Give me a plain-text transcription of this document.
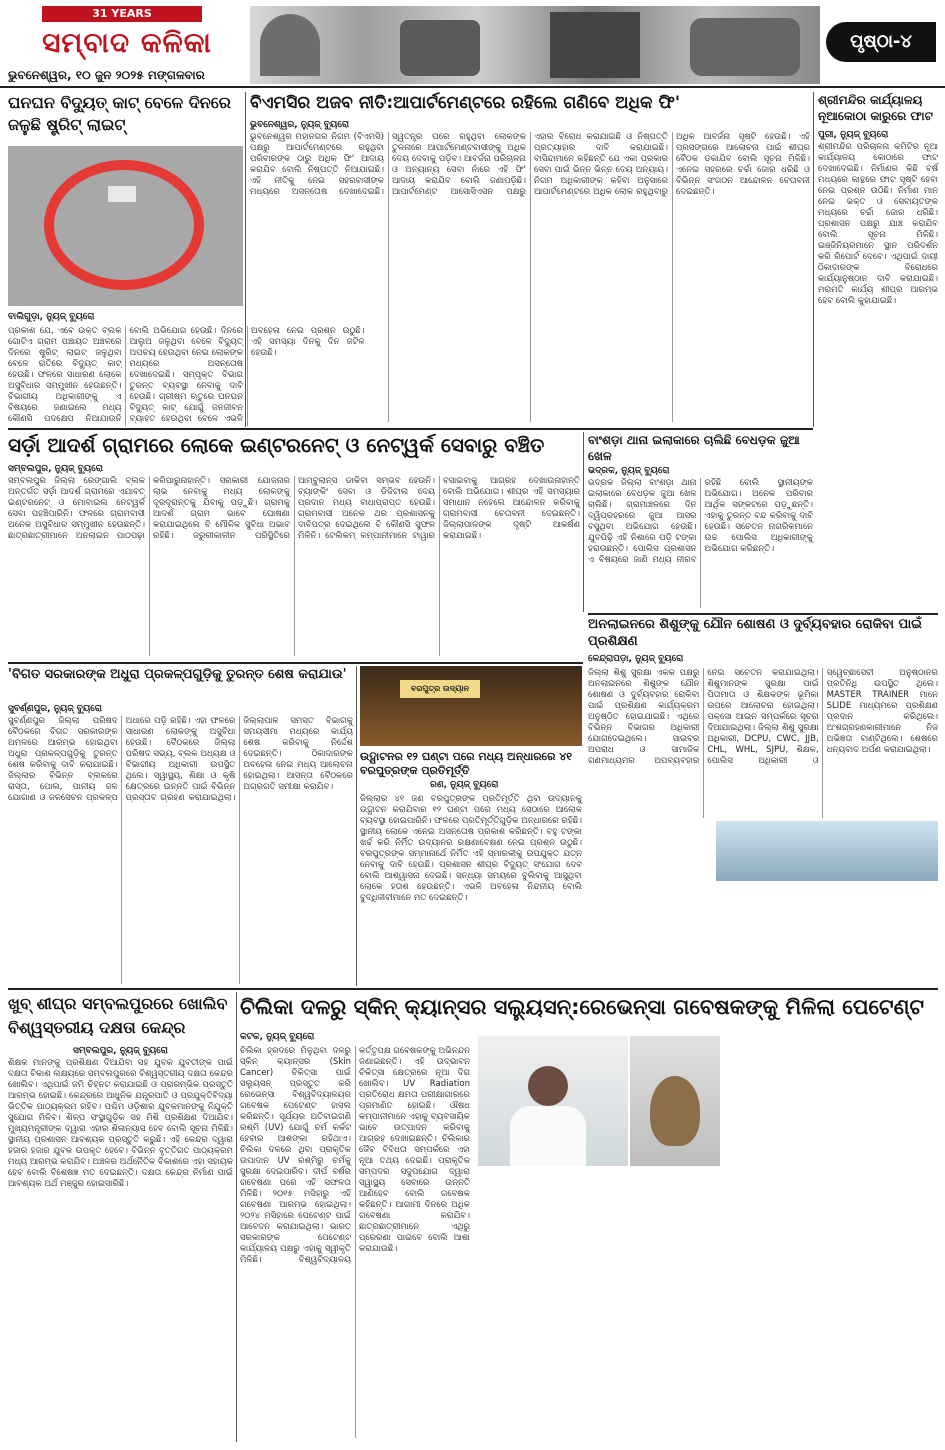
31 YEARS
ସମ୍ବାଦ କଳିକା
ଭୁବନେଶ୍ୱର, ୧୦ ଜୁନ ୨୦୨୫ ମଙ୍ଗଳବାର
ପୃଷ୍ଠା-୪
ଘନଘନ ବିଦ୍ୟୁତ୍ କାଟ୍ ବେଳେ ଦିନରେ ଜଳୁଛି ଷ୍ଟ୍ରିଟ୍ ଲାଇଟ୍
ବାଲିଗୁଡ଼ା, ନ୍ୟୁଜ୍ ବ୍ୟୁରୋ
ପ୍ରକାଶ ଯେ, ଏବେ ଉକ୍ତ ବ୍ଲକ ଗୋଟିଏ ଗ୍ରାମ ପଞ୍ଚାୟତ ଅଞ୍ଚଳରେ ଦିନରେ ଷ୍ଟ୍ରିଟ୍ ଲାଇଟ୍ ଜଳୁଥିବା ବେଳେ ରାତିରେ ବିଦ୍ୟୁତ୍ କାଟ୍ ହେଉଛି। ଫଳରେ ସାଧାରଣ ଲୋକେ ଅସୁବିଧାର ସମ୍ମୁଖୀନ ହେଉଛନ୍ତି। ବିଭାଗୀୟ ଅଧିକାରୀଙ୍କୁ ଏ ବିଷୟରେ ଜଣାଇଲେ ମଧ୍ୟ କୌଣସି ପଦକ୍ଷେପ ନିଆଯାଉନି ବୋଲି ଅଭିଯୋଗ ହେଉଛି। ଦିନରେ ଆଲୁଅ ଜଳୁଥିବା ବେଳେ ବିଦ୍ୟୁତ୍ ଅପଚୟ ହେଉଥିବା ନେଇ ଲୋକଙ୍କ ମଧ୍ୟରେ ଅସନ୍ତୋଷ ଦେଖାଦେଇଛି। ସମ୍ପୃକ୍ତ ବିଭାଗ ତୁରନ୍ତ ବ୍ୟବସ୍ଥା ନେବାକୁ ଦାବି ହେଉଛି। ଗ୍ରୀଷ୍ମ ଋତୁରେ ଘନଘନ ବିଦ୍ୟୁତ୍ କାଟ୍ ଯୋଗୁଁ ଜନଜୀବନ ବ୍ୟାହତ ହେଉଥିବା ବେଳେ ଏଭଳି ଅବହେଳା ନେଇ ପ୍ରଶ୍ନ ଉଠୁଛି। ଏହି ସମସ୍ୟା ଦିନକୁ ଦିନ ଜଟିଳ ହେଉଛି।
ବିଏମସିର ଅଜବ ନୀତି:ଆପାର୍ଟମେଣ୍ଟରେ ରହିଲେ ଗଣିବେ ଅଧିକ ଫି'
ଭୁବନେଶ୍ୱର, ନ୍ୟୁଜ୍ ବ୍ୟୁରୋ
ଭୁବନେଶ୍ୱର ମହାନଗର ନିଗମ (ବିଏମସି) ପକ୍ଷରୁ ଆପାର୍ଟମେଣ୍ଟରେ ରହୁଥିବା ପରିବାରଙ୍କ ଠାରୁ ଅଧିକ ଫି' ଆଦାୟ କରାଯିବ ବୋଲି ନିଷ୍ପତ୍ତି ନିଆଯାଇଛି। ଏହି ନୀତିକୁ ନେଇ ସହରବାସୀଙ୍କ ମଧ୍ୟରେ ଅସନ୍ତୋଷ ଦେଖାଦେଇଛି। ସ୍ୱତନ୍ତ୍ର ଘରେ ରହୁଥିବା ଲୋକଙ୍କ ତୁଳନାରେ ଆପାର୍ଟମେଣ୍ଟବାସୀଙ୍କୁ ଅଧିକ ଦେୟ ଦେବାକୁ ପଡ଼ିବ। ଆବର୍ଜନା ପରିଚାଳନା ଓ ଅନ୍ୟାନ୍ୟ ସେବା ନାଁରେ ଏହି ଫି' ଆଦାୟ କରାଯିବ ବୋଲି ଜଣାପଡ଼ିଛି। ଆପାର୍ଟମେଣ୍ଟ ଆସୋସିଏସନ ପକ୍ଷରୁ ଏହାର ବିରୋଧ କରାଯାଇଛି ଓ ନିଷ୍ପତ୍ତି ପ୍ରତ୍ୟାହାର ଦାବି କରାଯାଇଛି। ବାସିନ୍ଦାମାନେ କହିଛନ୍ତି ଯେ ଏକା ପ୍ରକାର ସେବା ପାଇଁ ଭିନ୍ନ ଭିନ୍ନ ଦେୟ ଅନ୍ୟାୟ। ନିଗମ ଅଧିକାରୀଙ୍କ କହିବା ଅନୁସାରେ ଆପାର୍ଟମେଣ୍ଟରେ ଅଧିକ ଲୋକ ରହୁଥିବାରୁ ଅଧିକ ଆବର୍ଜନା ସୃଷ୍ଟି ହେଉଛି। ଏହି ପ୍ରସଙ୍ଗରେ ଆଲୋଚନା ପାଇଁ ଶୀଘ୍ର ବୈଠକ ଡକାଯିବ ବୋଲି ସୂଚନା ମିଳିଛି। ଏନେଇ ସହରରେ ଚର୍ଚ୍ଚା ଜୋର ଧରିଛି ଓ ବିଭିନ୍ନ ସଂଗଠନ ଆନ୍ଦୋଳନ ଚେତାବନୀ ଦେଇଛନ୍ତି।
ଶ୍ରୀମନ୍ଦିର କାର୍ଯ୍ୟାଳୟ ନୂଆକୋଠା କାରୁରେ ଫାଟ
ପୁରୀ, ନ୍ୟୁଜ୍ ବ୍ୟୁରୋ
ଶ୍ରୀମନ୍ଦିର ପରିଚାଳନା କମିଟିର ନୂଆ କାର୍ଯ୍ୟାଳୟ କୋଠାରେ ଫାଟ ଦେଖାଦେଇଛି। ନିର୍ମାଣର କିଛି ବର୍ଷ ମଧ୍ୟରେ କାନ୍ଥରେ ଫାଟ ସୃଷ୍ଟି ହେବା ନେଇ ପ୍ରଶ୍ନ ଉଠିଛି। ନିର୍ମାଣ ମାନ ନେଇ ଭକ୍ତ ଓ ସେବାୟତଙ୍କ ମଧ୍ୟରେ ଚର୍ଚ୍ଚା ଜୋର ଧରିଛି। ପ୍ରଶାସନ ପକ୍ଷରୁ ଯାଞ୍ଚ କରାଯିବ ବୋଲି ସୂଚନା ମିଳିଛି। ଇଞ୍ଜିନିୟରମାନେ ସ୍ଥାନ ପରିଦର୍ଶନ କରି ରିପୋର୍ଟ ଦେବେ। ଏଥିପାଇଁ ଦାୟୀ ଠିକାଦାରଙ୍କ ବିରୋଧରେ କାର୍ଯ୍ୟାନୁଷ୍ଠାନ ଦାବି କରାଯାଇଛି। ମରାମତି କାର୍ଯ୍ୟ ଶୀଘ୍ର ଆରମ୍ଭ ହେବ ବୋଲି କୁହାଯାଇଛି।
ସର୍ଡ଼ା ଆଦର୍ଶ ଗ୍ରାମରେ ଲୋକେ ଇଣ୍ଟରନେଟ୍ ଓ ନେଟ୍ୱର୍କ ସେବାରୁ ବଞ୍ଚିତ
ସମ୍ବଲପୁର, ନ୍ୟୁଜ୍ ବ୍ୟୁରୋ
ସମ୍ବଲପୁର ଜିଲ୍ଲା ରେଙ୍ଗାଲି ବ୍ଲକ ଅନ୍ତର୍ଗତ ସର୍ଡ଼ା ଆଦର୍ଶ ଗ୍ରାମରେ ଏଯାବତ୍ ଇଣ୍ଟରନେଟ୍ ଓ ମୋବାଇଲ ନେଟ୍ୱର୍କ ସେବା ପହଞ୍ଚିପାରିନି। ଫଳରେ ଗ୍ରାମବାସୀ ଅନେକ ଅସୁବିଧାର ସମ୍ମୁଖୀନ ହେଉଛନ୍ତି। ଛାତ୍ରଛାତ୍ରୀମାନେ ଅନଲାଇନ ପାଠପଢ଼ା କରିପାରୁନାହାନ୍ତି। ସରକାରୀ ଯୋଜନାର ଲାଭ ନେବାକୁ ମଧ୍ୟ ଲୋକଙ୍କୁ ଦୂରଦୂରାନ୍ତକୁ ଯିବାକୁ ପଡ଼ୁଛି। ଗ୍ରାମକୁ ଆଦର୍ଶ ଗ୍ରାମ ଭାବେ ଘୋଷଣା କରାଯାଇଥିଲେ ବି ମୌଳିକ ସୁବିଧା ଅଭାବ ରହିଛି। ଜରୁରୀକାଳୀନ ପରିସ୍ଥିତିରେ ଆମ୍ବୁଲାନ୍ସ ଡାକିବା ସମ୍ଭବ ହେଉନି। ବ୍ୟାଙ୍କିଂ ସେବା ଓ ଡିଜିଟାଲ ଦେୟ ପ୍ରଦାନ ମଧ୍ୟ ବାଧାପ୍ରାପ୍ତ ହେଉଛି। ଗ୍ରାମବାସୀ ଅନେକ ଥର ପ୍ରଶାସନକୁ ଦାବିପତ୍ର ଦେଇଥିଲେ ବି କୌଣସି ସୁଫଳ ମିଳିନି। ଟେଲିକମ୍ କମ୍ପାନୀମାନେ ଟାୱାର ବସାଇବାକୁ ଆଗ୍ରହ ଦେଖାଉନାହାନ୍ତି ବୋଲି ଅଭିଯୋଗ। ଶୀଘ୍ର ଏହି ସମସ୍ୟାର ସମାଧାନ ନହେଲେ ଆନ୍ଦୋଳନ କରିବାକୁ ଗ୍ରାମବାସୀ ଚେତାବନୀ ଦେଇଛନ୍ତି। ଜିଲ୍ଲାପାଳଙ୍କ ଦୃଷ୍ଟି ଆକର୍ଷଣ କରାଯାଇଛି।
ବାଂଶଡ଼ା ଥାନା ଇଲାକାରେ ଚାଲିଛି ବେଧଡ଼କ ଜୁଆ ଖେଳ
ଭଦ୍ରକ, ନ୍ୟୁଜ୍ ବ୍ୟୁରୋ
ଭଦ୍ରକ ଜିଲ୍ଲା ବାଂଶଡ଼ା ଥାନା ଇଲାକାରେ ବେଧଡ଼କ ଜୁଆ ଖେଳ ଚାଲିଛି। ଗ୍ରାମାଞ୍ଚଳରେ ଦିନ ଦ୍ୱିପ୍ରହରରେ ଜୁଆ ଆସର ବସୁଥିବା ଅଭିଯୋଗ ହେଉଛି। ଯୁବପିଢ଼ି ଏହି ନିଶାରେ ପଡ଼ି ଟଙ୍କା ହରାଉଛନ୍ତି। ପୋଲିସ ପ୍ରଶାସନ ଏ ବିଷୟରେ ଜାଣି ମଧ୍ୟ ନୀରବ ରହିଛି ବୋଲି ସ୍ଥାନୀୟଙ୍କ ଅଭିଯୋଗ। ଅନେକ ପରିବାର ଆର୍ଥିକ ସଙ୍କଟରେ ପଡ଼ୁଛନ୍ତି। ଏହାକୁ ତୁରନ୍ତ ବନ୍ଦ କରିବାକୁ ଦାବି ହେଉଛି। ସଚେତନ ନାଗରିକମାନେ ଉଚ୍ଚ ପୋଲିସ ଅଧିକାରୀଙ୍କୁ ଅଭିଯୋଗ କରିଛନ୍ତି।
ଅନଲାଇନରେ ଶିଶୁଙ୍କୁ ଯୌନ ଶୋଷଣ ଓ ଦୁର୍ବ୍ୟବହାର ରୋକିବା ପାଇଁ ପ୍ରଶିକ୍ଷଣ
କେନ୍ଦ୍ରାପଡ଼ା, ନ୍ୟୁଜ୍ ବ୍ୟୁରୋ
ଜିଲ୍ଲା ଶିଶୁ ସୁରକ୍ଷା ଏକକ ପକ୍ଷରୁ ଅନଲାଇନରେ ଶିଶୁଙ୍କ ଯୌନ ଶୋଷଣ ଓ ଦୁର୍ବ୍ୟବହାର ରୋକିବା ପାଇଁ ପ୍ରଶିକ୍ଷଣ କାର୍ଯ୍ୟକ୍ରମ ଅନୁଷ୍ଠିତ ହୋଇଯାଇଛି। ଏଥିରେ ବିଭିନ୍ନ ବିଭାଗର ଅଧିକାରୀ ଯୋଗଦେଇଥିଲେ। ସାଇବର ଅପରାଧ ଓ ସାମାଜିକ ଗଣମାଧ୍ୟମର ଅପବ୍ୟବହାର ନେଇ ସଚେତନ କରାଯାଇଥିଲା। ଶିଶୁମାନଙ୍କ ସୁରକ୍ଷା ପାଇଁ ପିତାମାତା ଓ ଶିକ୍ଷକଙ୍କ ଭୂମିକା ଉପରେ ଆଲୋଚନା ହୋଇଥିଲା। ପକ୍ସୋ ଆଇନ ସମ୍ପର୍କରେ ସୂଚନା ଦିଆଯାଇଥିଲା। ଜିଲ୍ଲା ଶିଶୁ ସୁରକ୍ଷା ଅଧିକାରୀ, DCPU, CWC, JJB, CHL, WHL, SJPU, ଶିକ୍ଷକ, ପୋଲିସ ଅଧିକାରୀ ଓ ସ୍ୱେଚ୍ଛାସେବୀ ଅନୁଷ୍ଠାନର ପ୍ରତିନିଧି ଉପସ୍ଥିତ ଥିଲେ। MASTER TRAINER ମାନେ SLIDE ମାଧ୍ୟମରେ ପ୍ରଶିକ୍ଷଣ ପ୍ରଦାନ କରିଥିଲେ। ଅଂଶଗ୍ରହଣକାରୀମାନେ ନିଜ ଅଭିଜ୍ଞତା ବାଣ୍ଟିଥିଲେ। ଶେଷରେ ଧନ୍ୟବାଦ ଅର୍ପଣ କରାଯାଇଥିଲା।
'ବିଗତ ସରକାରଙ୍କ ଅଧୁରା ପ୍ରକଳ୍ପଗୁଡ଼ିକୁ ତୁରନ୍ତ ଶେଷ କରାଯାଉ'
ସୁବର୍ଣ୍ଣପୁର, ନ୍ୟୁଜ୍ ବ୍ୟୁରୋ
ସୁବର୍ଣ୍ଣପୁର ଜିଲ୍ଲା ପରିଷଦ ବୈଠକରେ ବିଗତ ସରକାରଙ୍କ ଅମଳରେ ଆରମ୍ଭ ହୋଇଥିବା ଅଧୁରା ପ୍ରକଳ୍ପଗୁଡ଼ିକୁ ତୁରନ୍ତ ଶେଷ କରିବାକୁ ଦାବି କରାଯାଇଛି। ଜିଲ୍ଲାର ବିଭିନ୍ନ ବ୍ଲକରେ ରାସ୍ତା, ପୋଲ, ପାନୀୟ ଜଳ ଯୋଗାଣ ଓ ଜଳସେଚନ ପ୍ରକଳ୍ପ ଅଧାରେ ପଡ଼ି ରହିଛି। ଏହା ଫଳରେ ସାଧାରଣ ଲୋକଙ୍କୁ ଅସୁବିଧା ହେଉଛି। ବୈଠକରେ ଜିଲ୍ଲା ପରିଷଦ ସଭ୍ୟ, ବ୍ଲକ ଅଧ୍ୟକ୍ଷ ଓ ବିଭାଗୀୟ ଅଧିକାରୀ ଉପସ୍ଥିତ ଥିଲେ। ସ୍ୱାସ୍ଥ୍ୟ, ଶିକ୍ଷା ଓ କୃଷି କ୍ଷେତ୍ରରେ ଉନ୍ନତି ପାଇଁ ବିଭିନ୍ନ ପ୍ରସ୍ତାବ ଗ୍ରହଣ କରାଯାଇଥିଲା। ଜିଲ୍ଲାପାଳ ସମସ୍ତ ବିଭାଗକୁ ସମୟସୀମା ମଧ୍ୟରେ କାର୍ଯ୍ୟ ଶେଷ କରିବାକୁ ନିର୍ଦ୍ଦେଶ ଦେଇଛନ୍ତି। ଠିକାଦାରଙ୍କ ଅବହେଳା ନେଇ ମଧ୍ୟ ଆଲୋଚନା ହୋଇଥିଲା। ଆସନ୍ତା ବୈଠକରେ ଅଗ୍ରଗତି ସମୀକ୍ଷା କରାଯିବ।
ବରପୁତ୍ର ଉଦ୍ୟାନ
ଉଦ୍ଘାଟନର ୧୨ ଘଣ୍ଟା ପରେ ମଧ୍ୟ ଅନ୍ଧାରରେ ୪୧ ବରପୁତ୍ରଙ୍କ ପ୍ରତିମୂର୍ତ୍ତି
ରଣ, ନ୍ୟୁଜ୍ ବ୍ୟୁରୋ
ଜିଲ୍ଲାର ୪୧ ଜଣ ବରପୁତ୍ରଙ୍କ ପ୍ରତିମୂର୍ତ୍ତି ଥିବା ଉଦ୍ୟାନକୁ ଉଦ୍ଘାଟନ କରାଯିବାର ୧୨ ଘଣ୍ଟା ପରେ ମଧ୍ୟ ସେଠାରେ ଆଲୋକ ବ୍ୟବସ୍ଥା ହୋଇପାରିନି। ଫଳରେ ପ୍ରତିମୂର୍ତ୍ତିଗୁଡ଼ିକ ଅନ୍ଧାରରେ ରହିଛି। ସ୍ଥାନୀୟ ଲୋକେ ଏନେଇ ଅସନ୍ତୋଷ ପ୍ରକାଶ କରିଛନ୍ତି। ବହୁ ଟଙ୍କା ଖର୍ଚ୍ଚ କରି ନିର୍ମିତ ଉଦ୍ୟାନର ରକ୍ଷଣାବେକ୍ଷଣ ନେଇ ପ୍ରଶ୍ନ ଉଠୁଛି। ବରପୁତ୍ରଙ୍କ ସମ୍ମାନାର୍ଥେ ନିର୍ମିତ ଏହି ସ୍ମାରକୀକୁ ଉପଯୁକ୍ତ ଯତ୍ନ ନେବାକୁ ଦାବି ହେଉଛି। ପ୍ରଶାସନ ଶୀଘ୍ର ବିଦ୍ୟୁତ୍ ସଂଯୋଗ ଦେବ ବୋଲି ଆଶ୍ୱାସନା ଦେଇଛି। ସନ୍ଧ୍ୟା ସମୟରେ ବୁଲିବାକୁ ଆସୁଥିବା ଲୋକେ ହତାଶ ହେଉଛନ୍ତି। ଏଭଳି ଅବହେଳା ନିନ୍ଦନୀୟ ବୋଲି ବୁଦ୍ଧିଜୀବୀମାନେ ମତ ଦେଇଛନ୍ତି।
ଖୁବ୍ ଶୀଘ୍ର ସମ୍ବଲପୁରରେ ଖୋଲିବ ବିଶ୍ୱସ୍ତରୀୟ ଦକ୍ଷତା କେନ୍ଦ୍ର
ସମ୍ବଲପୁର, ନ୍ୟୁଜ୍ ବ୍ୟୁରୋ
ଶିକ୍ଷକ ମାନଙ୍କୁ ପ୍ରଶିକ୍ଷଣ ଦିଆଯିବା ସହ ଯୁବକ ଯୁବତୀଙ୍କ ପାଇଁ ଦକ୍ଷତା ବିକାଶ ଲକ୍ଷ୍ୟରେ ସମ୍ବଲପୁରରେ ବିଶ୍ୱସ୍ତରୀୟ ଦକ୍ଷତା କେନ୍ଦ୍ର ଖୋଲିବ। ଏଥିପାଇଁ ଜମି ଚିହ୍ନଟ କରାଯାଇଛି ଓ ପ୍ରାରମ୍ଭିକ ପ୍ରସ୍ତୁତି ଆରମ୍ଭ ହୋଇଛି। କେନ୍ଦ୍ରରେ ଆଧୁନିକ ଯନ୍ତ୍ରପାତି ଓ ପ୍ରଯୁକ୍ତିବିଦ୍ୟା ଭିତ୍ତିକ ପାଠ୍ୟକ୍ରମ ରହିବ। ପଶ୍ଚିମ ଓଡ଼ିଶାର ଯୁବକମାନଙ୍କୁ ନିଯୁକ୍ତି ସୁଯୋଗ ମିଳିବ। ଶିଳ୍ପ ସଂସ୍ଥାଗୁଡ଼ିକ ସହ ମିଶି ପ୍ରଶିକ୍ଷଣ ଦିଆଯିବ। ମୁଖ୍ୟମନ୍ତ୍ରୀଙ୍କ ଦ୍ୱାରା ଏହାର ଶିଳାନ୍ୟାସ ହେବ ବୋଲି ସୂଚନା ମିଳିଛି। ସ୍ଥାନୀୟ ପ୍ରଶାସନ ଆବଶ୍ୟକ ପ୍ରସ୍ତୁତି କରୁଛି। ଏହି କେନ୍ଦ୍ର ଦ୍ୱାରା ହଜାର ହଜାର ଯୁବକ ଉପକୃତ ହେବେ। ବିଭିନ୍ନ ବୃତ୍ତିଗତ ପାଠ୍ୟକ୍ରମ ମଧ୍ୟ ଆରମ୍ଭ କରାଯିବ। ଅଞ୍ଚଳର ଅର୍ଥନୈତିକ ବିକାଶରେ ଏହା ସହାୟକ ହେବ ବୋଲି ବିଶେଷଜ୍ଞ ମତ ଦେଇଛନ୍ତି। ଦକ୍ଷତା କେନ୍ଦ୍ର ନିର୍ମାଣ ପାଇଁ ଆବଶ୍ୟକ ଅର୍ଥ ମଞ୍ଜୁର ହୋଇସାରିଛି।
ଚିଲିକା ଦଳରୁ ସ୍କିନ୍ କ୍ୟାନ୍ସର ସଲ୍ୟୁସନ୍:ରେଭେନ୍ସା ଗବେଷକଙ୍କୁ ମିଳିଲା ପେଟେଣ୍ଟ
କଟକ, ନ୍ୟୁଜ୍ ବ୍ୟୁରୋ
ଚିଲିକା ହ୍ରଦରେ ମିଳୁଥିବା ଦଳରୁ ସ୍କିନ୍ କ୍ୟାନ୍ସର (Skin Cancer) ଚିକିତ୍ସା ପାଇଁ ସଲ୍ୟୁସନ୍ ପ୍ରସ୍ତୁତ କରି ରେଭେନ୍ସା ବିଶ୍ୱବିଦ୍ୟାଳୟର ଗବେଷକ ପେଟେଣ୍ଟ ହାସଲ କରିଛନ୍ତି। ସୂର୍ଯ୍ୟର ଅତିବାଇଗଣି ରଶ୍ମି (UV) ଯୋଗୁଁ ଚର୍ମ କର୍କଟ ହେବାର ଆଶଙ୍କା ରହିଥାଏ। ଚିଲିକା ଦଳରେ ଥିବା ପ୍ରାକୃତିକ ଉପାଦାନ UV ରଶ୍ମିରୁ ଚର୍ମକୁ ସୁରକ୍ଷା ଦେଇପାରିବ। ଦୀର୍ଘ ବର୍ଷର ଗବେଷଣା ପରେ ଏହି ସଫଳତା ମିଳିଛି। ୨୦୧୫ ମସିହାରୁ ଏହି ଗବେଷଣା ଆରମ୍ଭ ହୋଇଥିଲା। ୨୦୨୪ ମସିହାରେ ପେଟେଣ୍ଟ ପାଇଁ ଆବେଦନ କରାଯାଇଥିଲା। ଭାରତ ସରକାରଙ୍କ ପେଟେଣ୍ଟ କାର୍ଯ୍ୟାଳୟ ପକ୍ଷରୁ ଏହାକୁ ସ୍ୱୀକୃତି ମିଳିଛି। ବିଶ୍ୱବିଦ୍ୟାଳୟ କର୍ତ୍ତୃପକ୍ଷ ଗବେଷକଙ୍କୁ ଅଭିନନ୍ଦନ ଜଣାଇଛନ୍ତି। ଏହି ଉଦ୍ଭାବନ ଚିକିତ୍ସା କ୍ଷେତ୍ରରେ ନୂଆ ଦିଗ ଖୋଲିବ। UV Radiation ପ୍ରତିରୋଧ କ୍ଷମତା ପରୀକ୍ଷାଗାରରେ ପ୍ରମାଣିତ ହୋଇଛି। ଔଷଧ କମ୍ପାନୀମାନେ ଏହାକୁ ବ୍ୟବସାୟିକ ଭାବେ ଉତ୍ପାଦନ କରିବାକୁ ଆଗ୍ରହ ଦେଖାଇଛନ୍ତି। ଚିଲିକାର ଜୈବ ବିବିଧତା ସମ୍ପର୍କରେ ଏହା ନୂଆ ତଥ୍ୟ ଦେଇଛି। ପ୍ରାକୃତିକ ସମ୍ପଦର ସଦୁପଯୋଗ ଦ୍ୱାରା ସ୍ୱାସ୍ଥ୍ୟ ସେବାରେ ଉନ୍ନତି ଆଣିହେବ ବୋଲି ଗବେଷକ କହିଛନ୍ତି। ଆଗାମୀ ଦିନରେ ଅଧିକ ଗବେଷଣା କରାଯିବ। ଛାତ୍ରଛାତ୍ରୀମାନେ ଏଥିରୁ ପ୍ରେରଣା ପାଇବେ ବୋଲି ଆଶା କରାଯାଉଛି।
